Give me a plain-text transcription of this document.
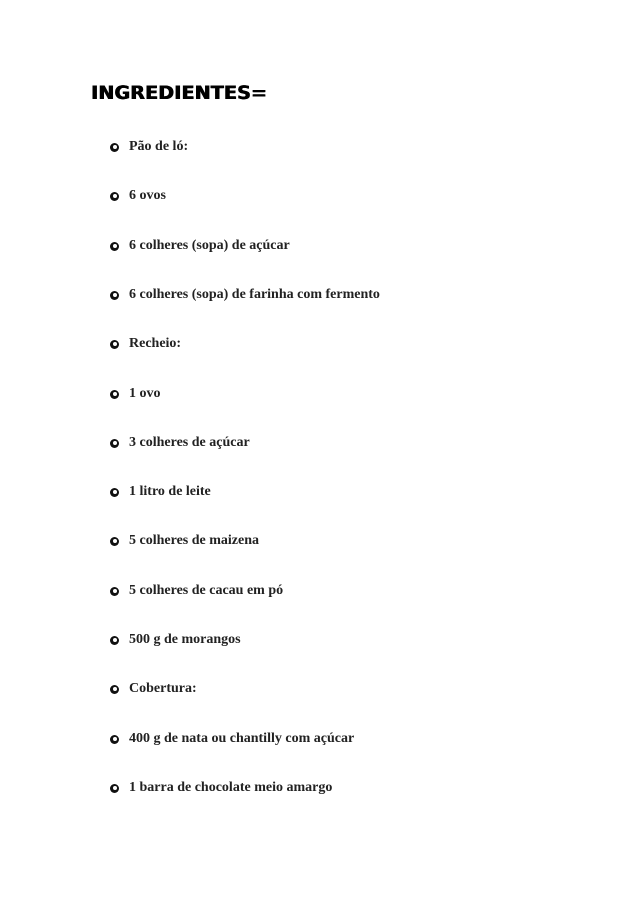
INGREDIENTES=
Pão de ló:
6 ovos
6 colheres (sopa) de açúcar
6 colheres (sopa) de farinha com fermento
Recheio:
1 ovo
3 colheres de açúcar
1 litro de leite
5 colheres de maizena
5 colheres de cacau em pó
500 g de morangos
Cobertura:
400 g de nata ou chantilly com açúcar
1 barra de chocolate meio amargo
